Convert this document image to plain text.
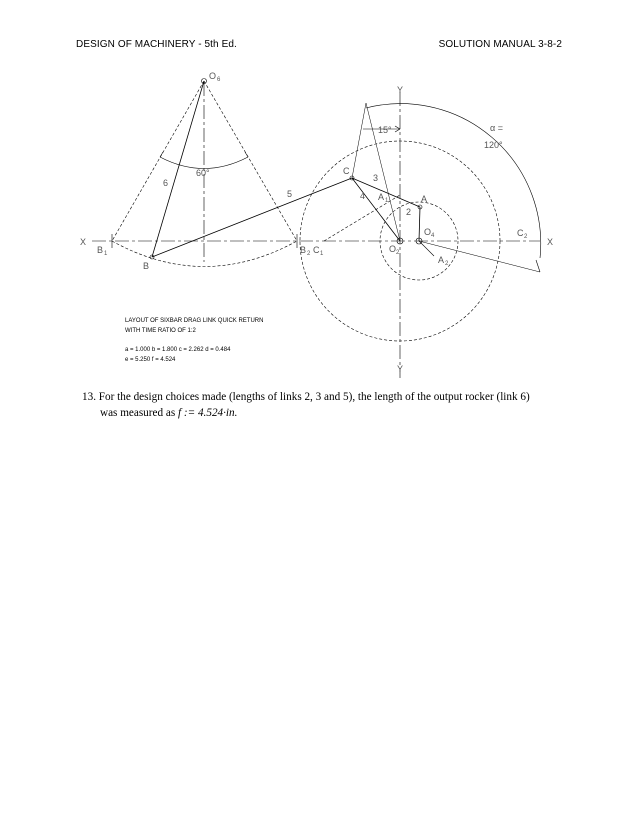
DESIGN OF MACHINERY - 5th Ed.	SOLUTION MANUAL 3-8-2
O 6
Y
Y
X	X
15°	α =
120°
60°
6
5
3
4
2
C
A
A 1
O 4
O 2
A 2
C 2
B 1
B
B 2 C 1
LAYOUT OF SIXBAR DRAG LINK QUICK RETURN
WITH TIME RATIO OF 1:2
a = 1.000 b = 1.800 c = 2.262 d = 0.484
e = 5.250 f = 4.524
13. For the design choices made (lengths of links 2, 3 and 5), the length of the output rocker (link 6)
was measured as f := 4.524·in.
